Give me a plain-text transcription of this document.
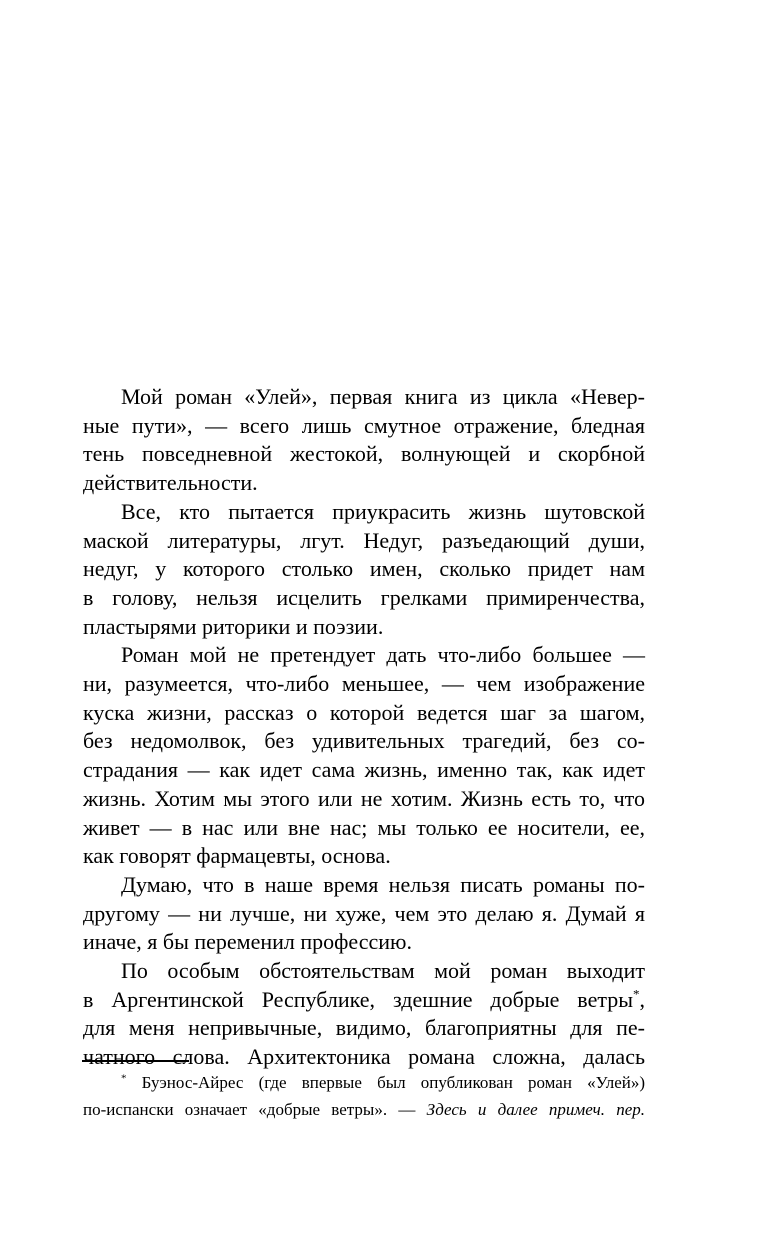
Мой роман «Улей», первая книга из цикла «Невер-
ные пути», — всего лишь смутное отражение, бледная
тень повседневной жестокой, волнующей и скорбной
действительности.

Все, кто пытается приукрасить жизнь шутовской
маской литературы, лгут. Недуг, разъедающий души,
недуг, у которого столько имен, сколько придет нам
в голову, нельзя исцелить грелками примиренчества,
пластырями риторики и поэзии.

Роман мой не претендует дать что-либо большее —
ни, разумеется, что-либо меньшее, — чем изображение
куска жизни, рассказ о которой ведется шаг за шагом,
без недомолвок, без удивительных трагедий, без со-
страдания — как идет сама жизнь, именно так, как идет
жизнь. Хотим мы этого или не хотим. Жизнь есть то, что
живет — в нас или вне нас; мы только ее носители, ее,
как говорят фармацевты, основа.

Думаю, что в наше время нельзя писать романы по-
другому — ни лучше, ни хуже, чем это делаю я. Думай я
иначе, я бы переменил профессию.

По особым обстоятельствам мой роман выходит
в Аргентинской Республике, здешние добрые ветры*,
для меня непривычные, видимо, благоприятны для пе-
чатного слова. Архитектоника романа сложна, далась

* Буэнос-Айрес (где впервые был опубликован роман «Улей»)
по-испански означает «добрые ветры». — Здесь и далее примеч. пер.
